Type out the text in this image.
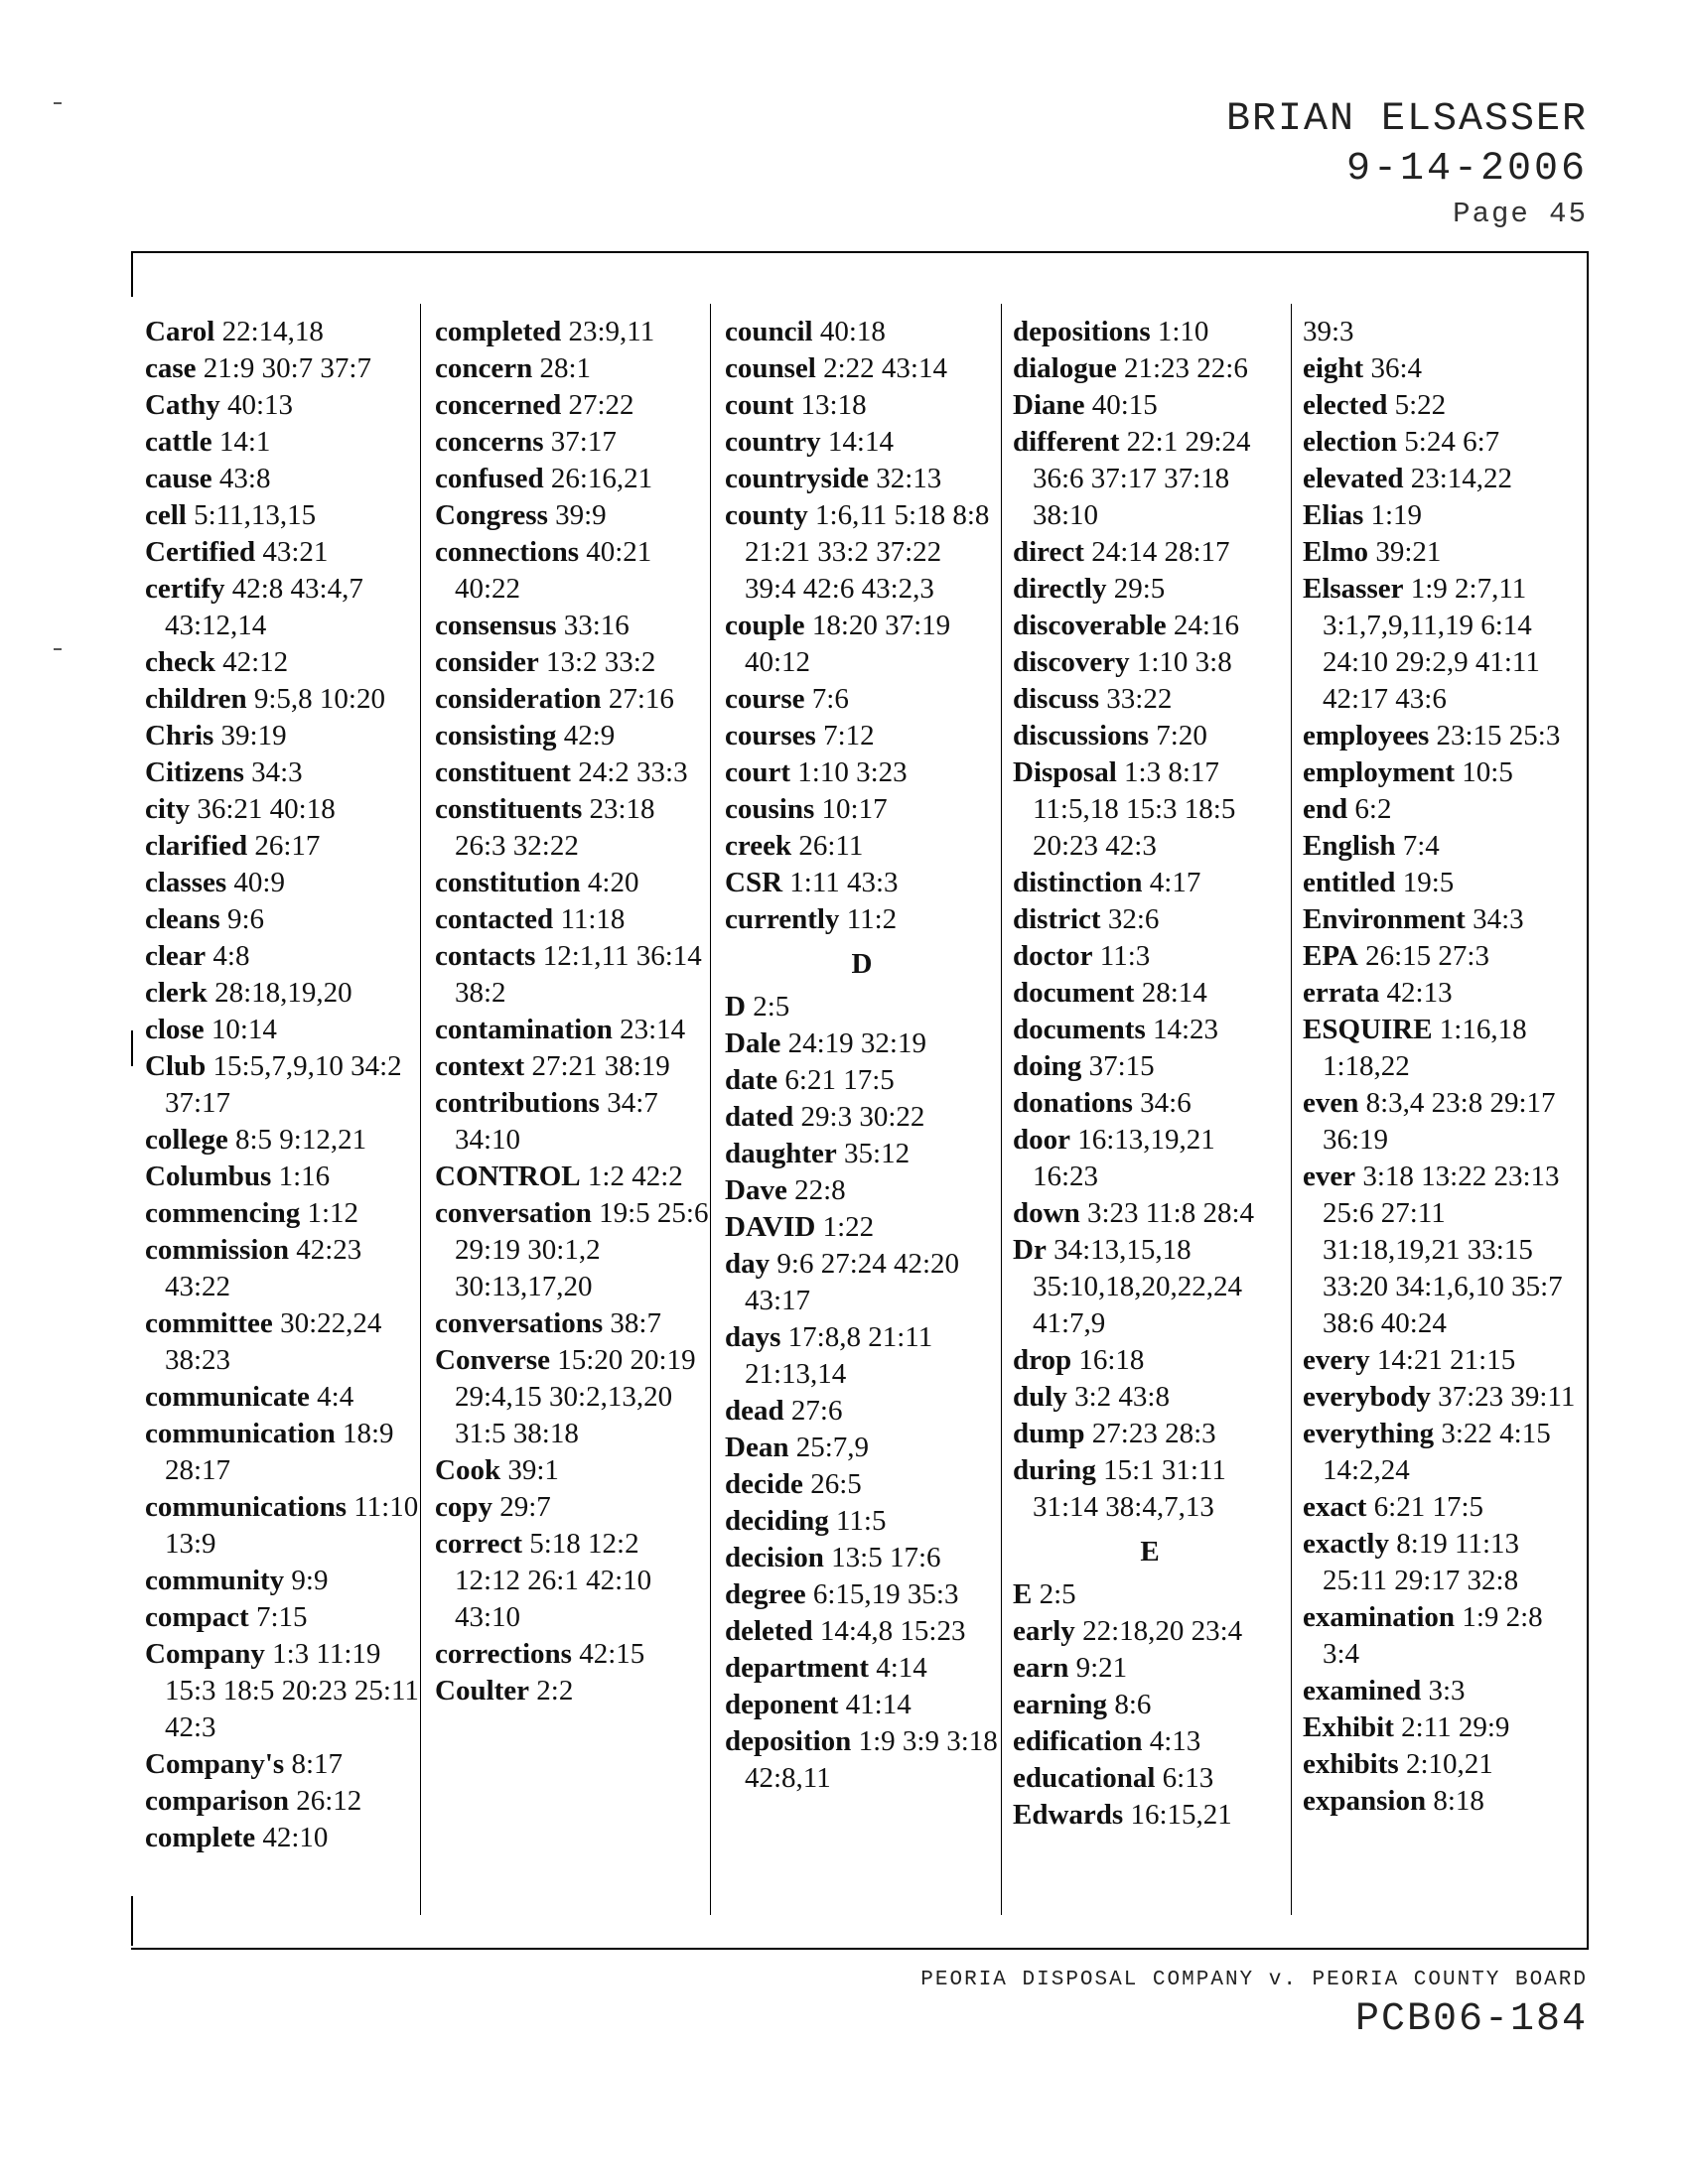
BRIAN ELSASSER
9-14-2006
Page 45
Carol 22:14,18
case 21:9 30:7 37:7
Cathy 40:13
cattle 14:1
cause 43:8
cell 5:11,13,15
Certified 43:21
certify 42:8 43:4,7 43:12,14
check 42:12
children 9:5,8 10:20
Chris 39:19
Citizens 34:3
city 36:21 40:18
clarified 26:17
classes 40:9
cleans 9:6
clear 4:8
clerk 28:18,19,20
close 10:14
Club 15:5,7,9,10 34:2 37:17
college 8:5 9:12,21
Columbus 1:16
commencing 1:12
commission 42:23 43:22
committee 30:22,24 38:23
communicate 4:4
communication 18:9 28:17
communications 11:10 13:9
community 9:9
compact 7:15
Company 1:3 11:19 15:3 18:5 20:23 25:11 42:3
Company's 8:17
comparison 26:12
complete 42:10
completed 23:9,11
concern 28:1
concerned 27:22
concerns 37:17
confused 26:16,21
Congress 39:9
connections 40:21 40:22
consensus 33:16
consider 13:2 33:2
consideration 27:16
consisting 42:9
constituent 24:2 33:3
constituents 23:18 26:3 32:22
constitution 4:20
contacted 11:18
contacts 12:1,11 36:14 38:2
contamination 23:14
context 27:21 38:19
contributions 34:7 34:10
CONTROL 1:2 42:2
conversation 19:5 25:6 29:19 30:1,2 30:13,17,20
conversations 38:7
Converse 15:20 20:19 29:4,15 30:2,13,20 31:5 38:18
Cook 39:1
copy 29:7
correct 5:18 12:2 12:12 26:1 42:10 43:10
corrections 42:15
Coulter 2:2
council 40:18
counsel 2:22 43:14
count 13:18
country 14:14
countryside 32:13
county 1:6,11 5:18 8:8 21:21 33:2 37:22 39:4 42:6 43:2,3
couple 18:20 37:19 40:12
course 7:6
courses 7:12
court 1:10 3:23
cousins 10:17
creek 26:11
CSR 1:11 43:3
currently 11:2
D
D 2:5
Dale 24:19 32:19
date 6:21 17:5
dated 29:3 30:22
daughter 35:12
Dave 22:8
DAVID 1:22
day 9:6 27:24 42:20 43:17
days 17:8,8 21:11 21:13,14
dead 27:6
Dean 25:7,9
decide 26:5
deciding 11:5
decision 13:5 17:6
degree 6:15,19 35:3
deleted 14:4,8 15:23
department 4:14
deponent 41:14
deposition 1:9 3:9 3:18 42:8,11
depositions 1:10
dialogue 21:23 22:6
Diane 40:15
different 22:1 29:24 36:6 37:17 37:18 38:10
direct 24:14 28:17
directly 29:5
discoverable 24:16
discovery 1:10 3:8
discuss 33:22
discussions 7:20
Disposal 1:3 8:17 11:5,18 15:3 18:5 20:23 42:3
distinction 4:17
district 32:6
doctor 11:3
document 28:14
documents 14:23
doing 37:15
donations 34:6
door 16:13,19,21 16:23
down 3:23 11:8 28:4
Dr 34:13,15,18 35:10,18,20,22,24 41:7,9
drop 16:18
duly 3:2 43:8
dump 27:23 28:3
during 15:1 31:11 31:14 38:4,7,13
E
E 2:5
early 22:18,20 23:4
earn 9:21
earning 8:6
edification 4:13
educational 6:13
Edwards 16:15,21
39:3
eight 36:4
elected 5:22
election 5:24 6:7
elevated 23:14,22
Elias 1:19
Elmo 39:21
Elsasser 1:9 2:7,11 3:1,7,9,11,19 6:14 24:10 29:2,9 41:11 42:17 43:6
employees 23:15 25:3
employment 10:5
end 6:2
English 7:4
entitled 19:5
Environment 34:3
EPA 26:15 27:3
errata 42:13
ESQUIRE 1:16,18 1:18,22
even 8:3,4 23:8 29:17 36:19
ever 3:18 13:22 23:13 25:6 27:11 31:18,19,21 33:15 33:20 34:1,6,10 35:7 38:6 40:24
every 14:21 21:15
everybody 37:23 39:11
everything 3:22 4:15 14:2,24
exact 6:21 17:5
exactly 8:19 11:13 25:11 29:17 32:8
examination 1:9 2:8 3:4
examined 3:3
Exhibit 2:11 29:9
exhibits 2:10,21
expansion 8:18
PEORIA DISPOSAL COMPANY v. PEORIA COUNTY BOARD
PCB06-184
